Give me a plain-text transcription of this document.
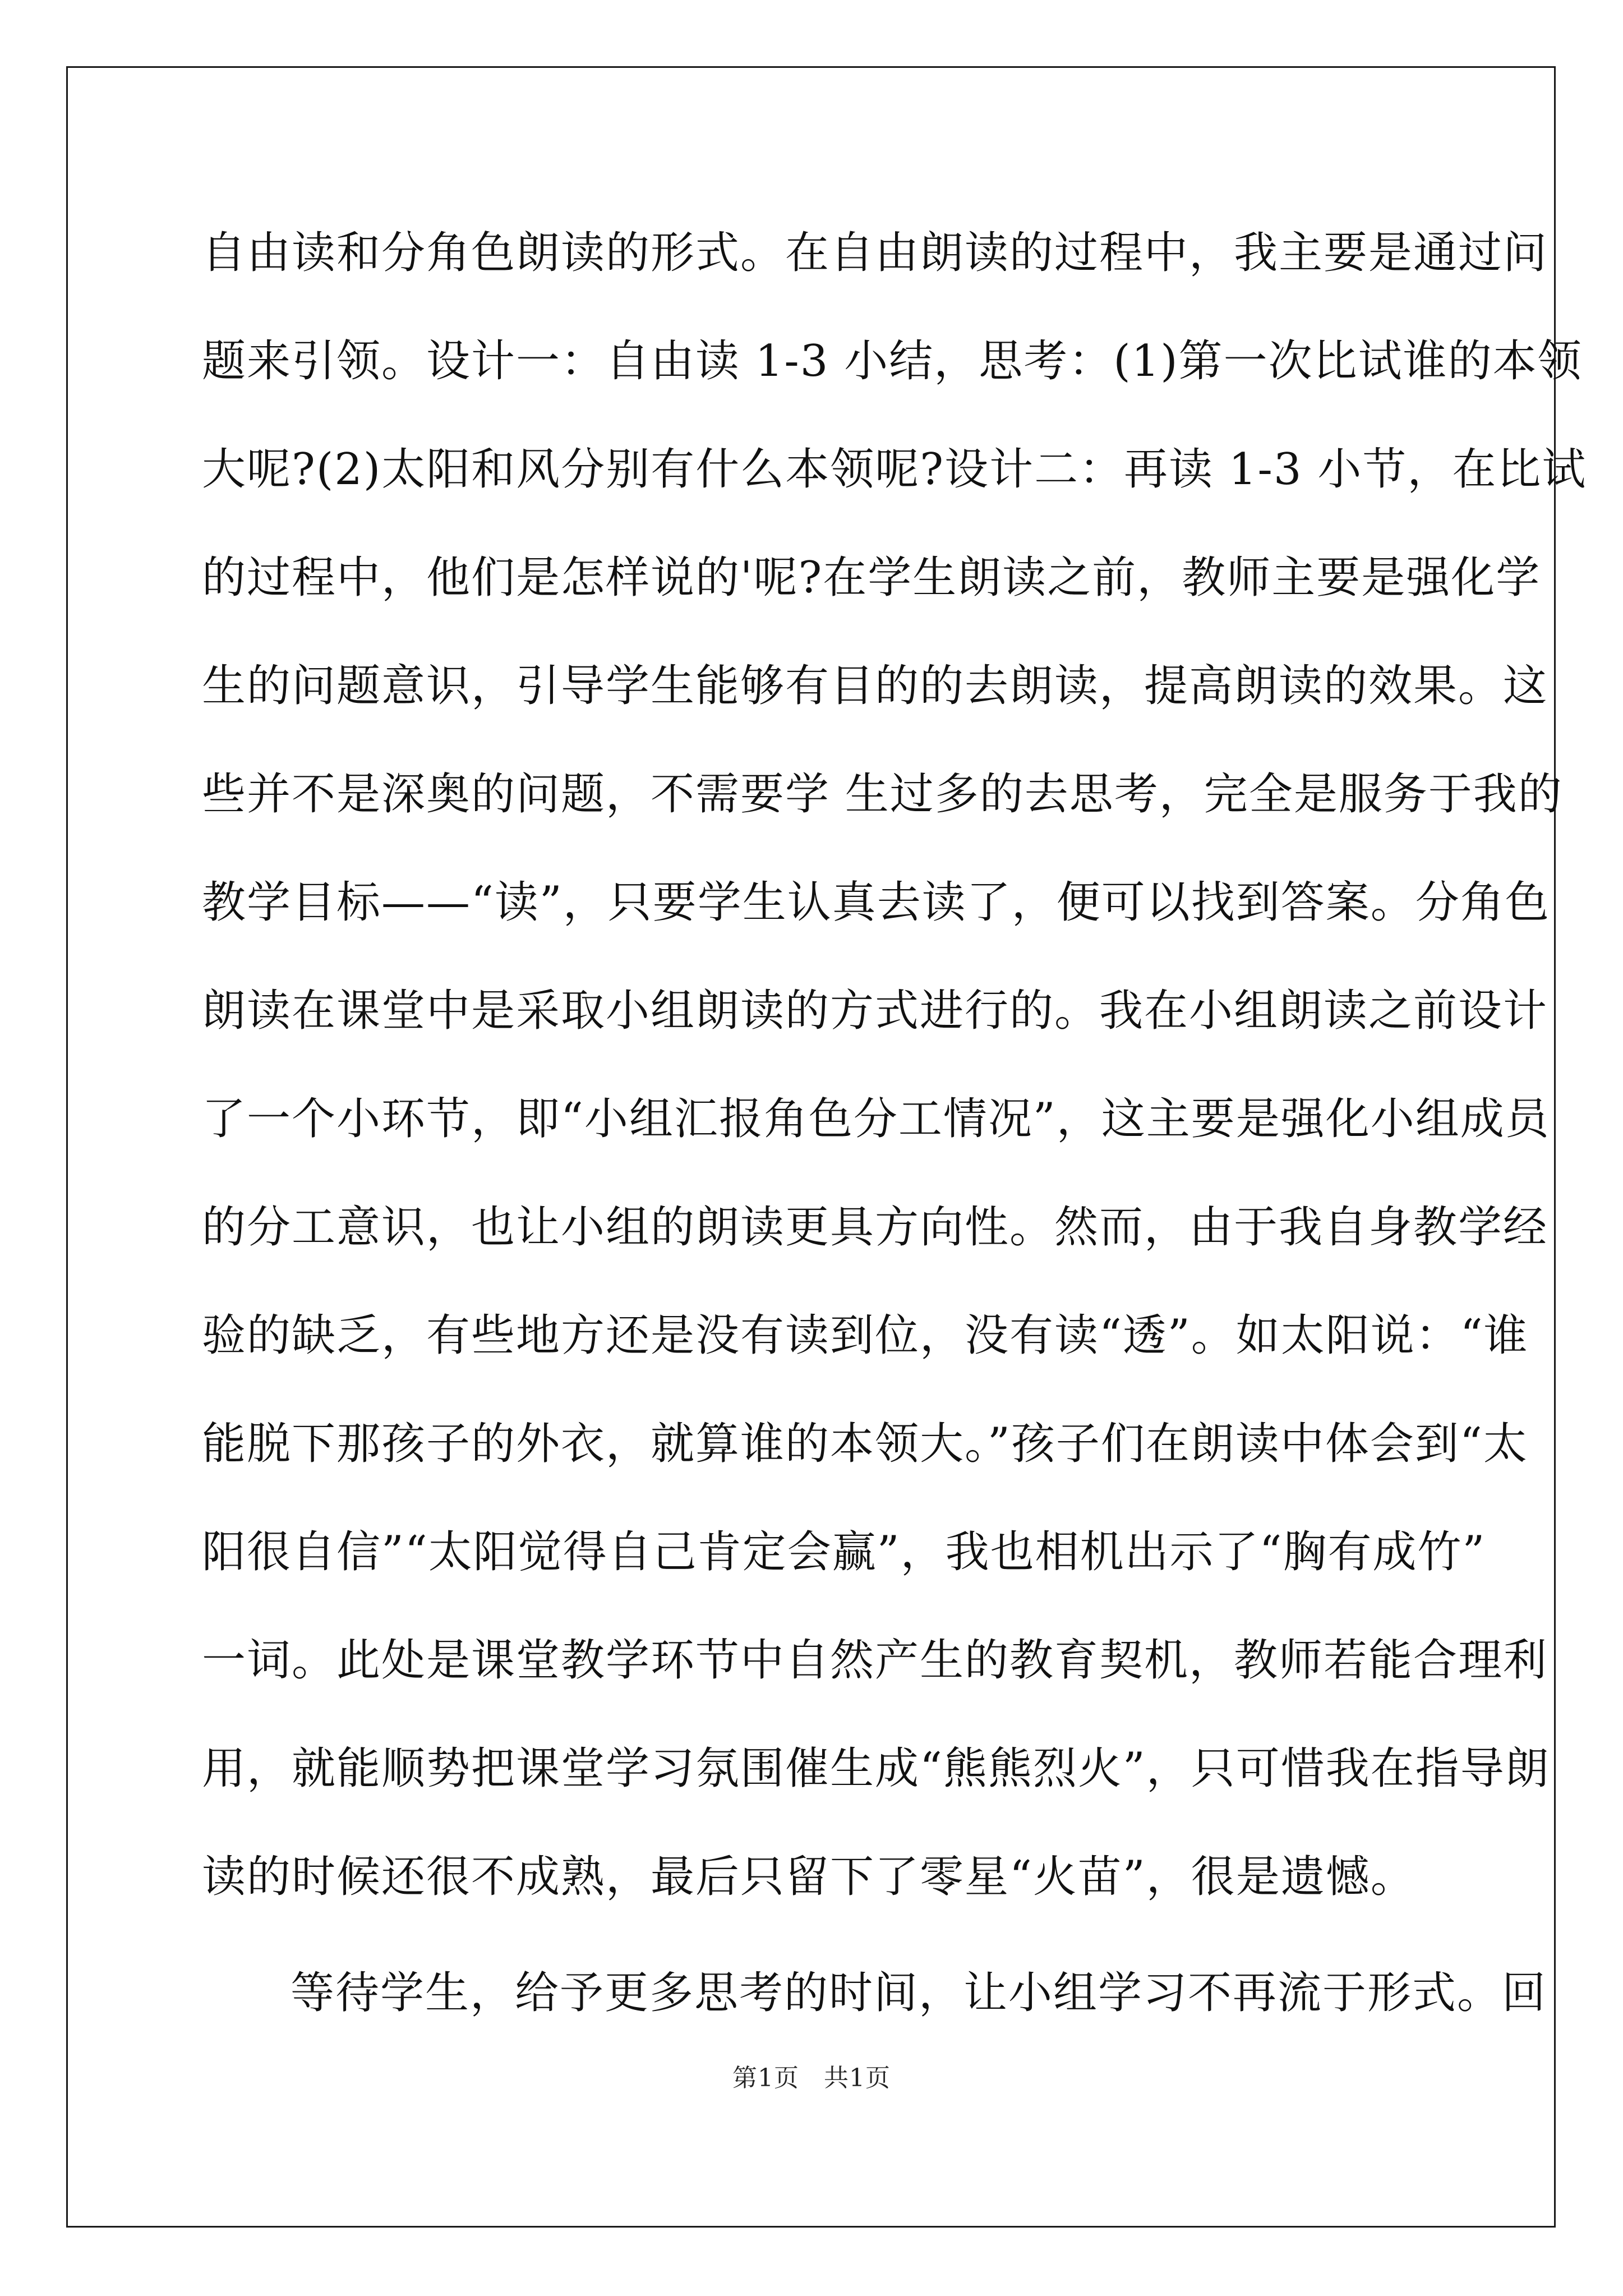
自由读和分角色朗读的形式。在自由朗读的过程中，我主要是通过问
题来引领。设计一：自由读 1-3 小结，思考：(1)第一次比试谁的本领
大呢?(2)太阳和风分别有什么本领呢?设计二：再读 1-3 小节，在比试
的过程中，他们是怎样说的'呢?在学生朗读之前，教师主要是强化学
生的问题意识，引导学生能够有目的的去朗读，提高朗读的效果。这
些并不是深奥的问题，不需要学 生过多的去思考，完全是服务于我的
教学目标——“读”，只要学生认真去读了，便可以找到答案。分角色
朗读在课堂中是采取小组朗读的方式进行的。我在小组朗读之前设计
了一个小环节，即“小组汇报角色分工情况”，这主要是强化小组成员
的分工意识，也让小组的朗读更具方向性。然而，由于我自身教学经
验的缺乏，有些地方还是没有读到位，没有读“透”。如太阳说：“谁
能脱下那孩子的外衣，就算谁的本领大。”孩子们在朗读中体会到“太
阳很自信”“太阳觉得自己肯定会赢”，我也相机出示了“胸有成竹”
一词。此处是课堂教学环节中自然产生的教育契机，教师若能合理利
用，就能顺势把课堂学习氛围催生成“熊熊烈火”，只可惜我在指导朗
读的时候还很不成熟，最后只留下了零星“火苗”，很是遗憾。
等待学生，给予更多思考的时间，让小组学习不再流于形式。回
第1页 共1页
